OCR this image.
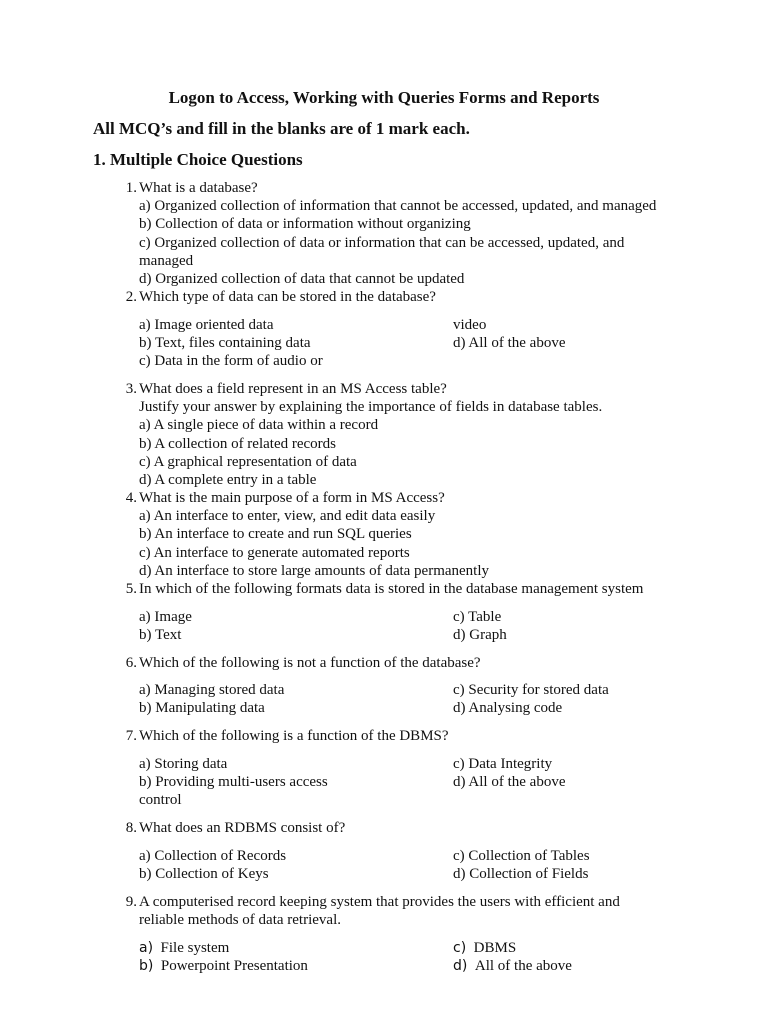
Logon to Access, Working with Queries Forms and Reports
All MCQ’s and fill in the blanks are of 1 mark each.
1. Multiple Choice Questions
1. What is a database?
a) Organized collection of information that cannot be accessed, updated, and managed
b) Collection of data or information without organizing
c) Organized collection of data or information that can be accessed, updated, and managed
d) Organized collection of data that cannot be updated
2. Which type of data can be stored in the database?
a) Image oriented data
b) Text, files containing data
c) Data in the form of audio or
video
d) All of the above
3. What does a field represent in an MS Access table?
Justify your answer by explaining the importance of fields in database tables.
a) A single piece of data within a record
b) A collection of related records
c) A graphical representation of data
d) A complete entry in a table
4. What is the main purpose of a form in MS Access?
a) An interface to enter, view, and edit data easily
b) An interface to create and run SQL queries
c) An interface to generate automated reports
d) An interface to store large amounts of data permanently
5. In which of the following formats data is stored in the database management system
a) Image
b) Text
c) Table
d) Graph
6. Which of the following is not a function of the database?
a) Managing stored data
b) Manipulating data
c) Security for stored data
d) Analysing code
7. Which of the following is a function of the DBMS?
a) Storing data
b) Providing multi-users access
control
c) Data Integrity
d) All of the above
8. What does an RDBMS consist of?
a) Collection of Records
b) Collection of Keys
c) Collection of Tables
d) Collection of Fields
9. A computerised record keeping system that provides the users with efficient and
reliable methods of data retrieval.
a) File system
b) Powerpoint Presentation
c) DBMS
d) All of the above
